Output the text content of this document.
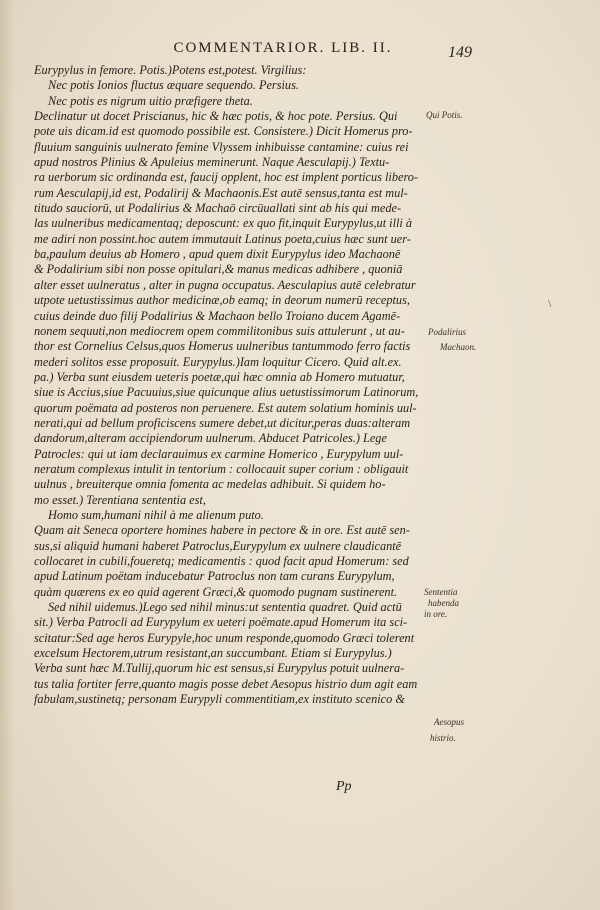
COMMENTARIOR. LIB. II.	149
Eurypylus in femore. Potis.)Potens est,potest. Virgilius:
Nec potis Ionios fluctus æquare sequendo. Persius.
Nec potis es nigrum uitio præfigere theta.
Declinatur ut docet Priscianus, hic & hæc potis, & hoc pote. Persius. Qui
pote uis dicam.id est quomodo possibile est. Consistere.) Dicit Homerus pro-
fluuium sanguinis uulnerato femine Vlyssem inhibuisse cantamine: cuius rei
apud nostros Plinius & Apuleius meminerunt. Naque Aesculapij.) Textu-
ra uerborum sic ordinanda est, faucij opplent, hoc est implent porticus libero-
rum Aesculapij,id est, Podalirij & Machaonis.Est autē sensus,tanta est mul-
titudo sauciorū, ut Podalirius & Machaō circūuallati sint ab his qui mede-
las uulneribus medicamentaq; deposcunt: ex quo fit,inquit Eurypylus,ut illi à
me adiri non possint.hoc autem immutauit Latinus poeta,cuius hæc sunt uer-
ba,paulum deuius ab Homero , apud quem dixit Eurypylus ideo Machaonē
& Podalirium sibi non posse opitulari,& manus medicas adhibere , quoniā
alter esset uulneratus , alter in pugna occupatus. Aesculapius autē celebratur
utpote uetustissimus author medicinæ,ob eamq; in deorum numerū receptus,
cuius deinde duo filij Podalirius & Machaon bello Troiano ducem Agamē-
nonem sequuti,non mediocrem opem commilitonibus suis attulerunt , ut au-
thor est Cornelius Celsus,quos Homerus uulneribus tantummodo ferro factis
mederi solitos esse proposuit. Eurypylus.)Iam loquitur Cicero. Quid alt.ex.
pa.) Verba sunt eiusdem ueteris poetæ,qui hæc omnia ab Homero mutuatur,
siue is Accius,siue Pacuuius,siue quicunque alius uetustissimorum Latinorum,
quorum poëmata ad posteros non peruenere. Est autem solatium hominis uul-
nerati,qui ad bellum proficiscens sumere debet,ut dicitur,peras duas:alteram
dandorum,alteram accipiendorum uulnerum. Abducet Patricoles.) Lege
Patrocles: qui ut iam declarauimus ex carmine Homerico , Eurypylum uul-
neratum complexus intulit in tentorium : collocauit super corium : obligauit
uulnus , breuiterque omnia fomenta ac medelas adhibuit. Si quidem ho-
mo esset.) Terentiana sententia est,
Homo sum,humani nihil à me alienum puto.
Quam ait Seneca oportere homines habere in pectore & in ore. Est autē sen-
sus,si aliquid humani haberet Patroclus,Eurypylum ex uulnere claudicantē
collocaret in cubili,foueretq; medicamentis : quod facit apud Homerum: sed
apud Latinum poëtam inducebatur Patroclus non tam curans Eurypylum,
quàm quærens ex eo quid agerent Græci,& quomodo pugnam sustinerent.
Sed nihil uidemus.)Lego sed nihil minus:ut sententia quadret. Quid actū
sit.) Verba Patrocli ad Eurypylum ex ueteri poëmate.apud Homerum ita sci-
scitatur:Sed age heros Eurypyle,hoc unum responde,quomodo Græci tolerent
excelsum Hectorem,utrum resistant,an succumbant. Etiam si Eurypylus.)
Verba sunt hæc M.Tullij,quorum hic est sensus,si Eurypylus potuit uulnera-
tus talia fortiter ferre,quanto magis posse debet Aesopus histrio dum agit eam
fabulam,sustinetq; personam Eurypyli commentitiam,ex instituto scenico &
Qui Potis.
Podalirius
Machaon.
Sententia
habenda
in ore.
Aesopus
histrio.
\
Pp
